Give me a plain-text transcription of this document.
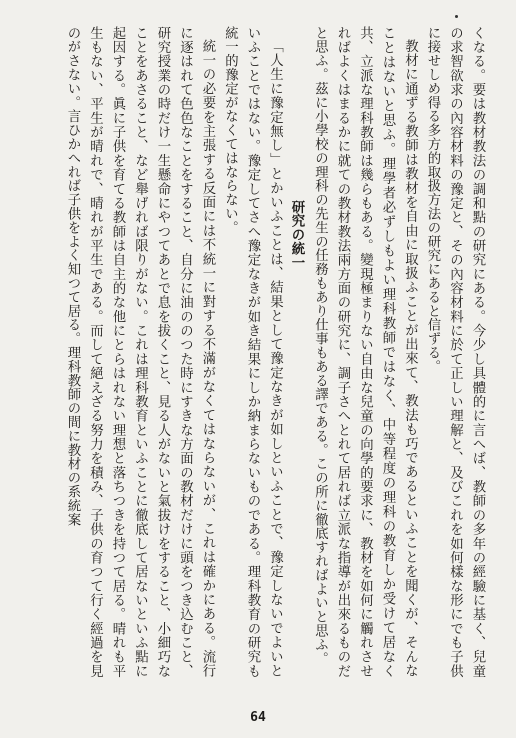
くなる。要は教材教法の調和點の研究にある。今少し具體的に言へば、教師の多年の經驗に基く、兒童の求智欲求の內容材料の豫定と、その內容材料に於て正しい理解と、及びこれを如何樣な形にでも子供に接せしめ得る多方的取扱方法の研究にあると信ずる。

教材に通ずる教師は教材を自由に取扱ふことが出來て、教法も巧であるといふことを聞くが、そんなことはないと思ふ。理學者必ずしもよい理科教師ではなく、中等程度の理科の教育しか受けて居なく共、立派な理科教師は幾らもある。變現極まりない自由な兒童の向學的要求に、教材を如何に觸れさせればよくはまるかに就ての教材教法兩方面の研究に、調子さへとれて居れば立派な指導が出來るものだと思ふ。茲に小學校の理科の先生の任務もあり仕事もある譯である。この所に徹底すればよいと思ふ。

研究の統一

「人生に豫定無し」とかいふことは、結果として豫定なきが如しといふことで、豫定しないでよいといふことではない。豫定してさへ豫定なきが如き結果にしか納まらないものである。理科教育の研究も統一的豫定がなくてはならない。

統一の必要を主張する反面には不統一に對する不滿がなくてはならないが、これは確かにある。流行に逐はれて色色なことをすること、自分に油ののつた時にすきな方面の教材だけに頭をつき込むこと、研究授業の時だけ一生懸命にやつてあとで息を拔くこと、見る人がないと氣拔けをすること、小細巧なことをあさること、など舉げれば限りがない。これは理科教育といふことに徹底して居ないといふ點に起因する。眞に子供を育てる教師は自主的な他にとらはれない理想と落ちつきを持つて居る。晴れも平生もない、平生が晴れで、晴れが平生である。而して絕えざる努力を積み、子供の育つて行く經過を見のがさない。言ひかへれば子供をよく知つて居る。理科教師の間に教材の系統案

64
